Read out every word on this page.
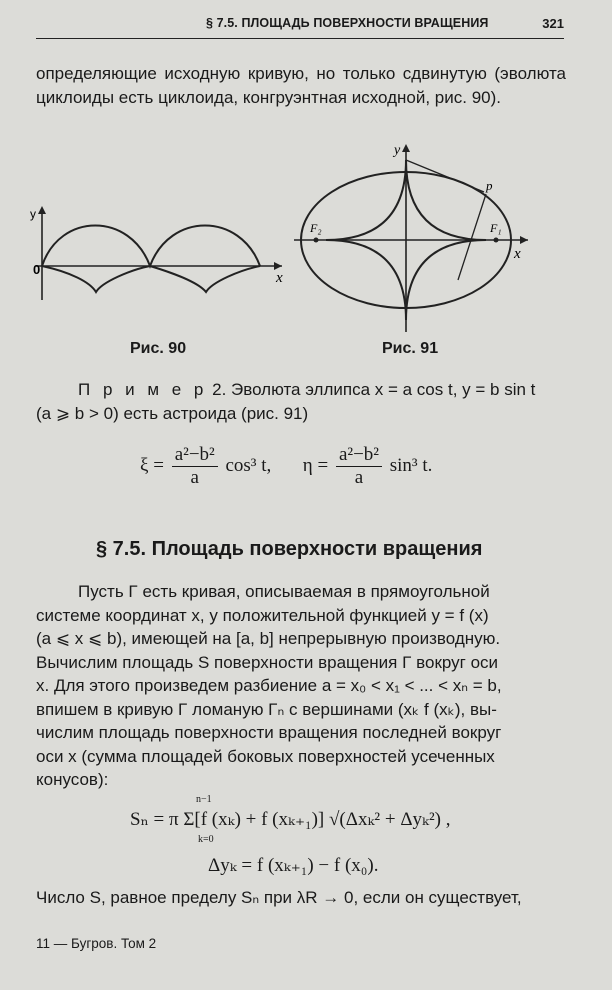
§ 7.5. ПЛОЩАДЬ ПОВЕРХНОСТИ ВРАЩЕНИЯ	321
определяющие исходную кривую, но только сдвинутую (эволюта циклоиды есть циклоида, конгруэнтная исходной, рис. 90).
y
0
x
Рис. 90
y
x
p
F₂	F₁
Рис. 91
П р и м е р 2. Эволюта эллипса x = a cos t, y = b sin t
(a ⩾ b > 0) есть астроида (рис. 91)
$\xi = \frac{\text{a²−b²}}{a} \cos^3$ t, $\eta = \frac{\text{a²−b²}}{a} \sin^3$ t.
§ 7.5. Площадь поверхности вращения
Пусть Γ есть кривая, описываемая в прямоугольной
системе координат x, y положительной функцией y = f (x)
(a ⩽ x ⩽ b), имеющей на [a, b] непрерывную производную.
Вычислим площадь S поверхности вращения Γ вокруг оси
x. Для этого произведем разбиение a = x₀ < x₁ < ... < xₙ = b,
впишем в кривую Γ ломаную Γₙ с вершинами (xₖ f (xₖ), вы-
числим площадь поверхности вращения последней вокруг
оси x (сумма площадей боковых поверхностей усеченных
конусов):
Sₙ = π Σ[f (xₖ) + f (xₖ₊₁)] √(Δxₖ² + Δyₖ²) ,
n−1
k=0
Δyₖ = f (xₖ₊₁) − f (x₀).
Число S, равное пределу Sₙ при λR → 0, если он существует,
11 — Бугров. Том 2
